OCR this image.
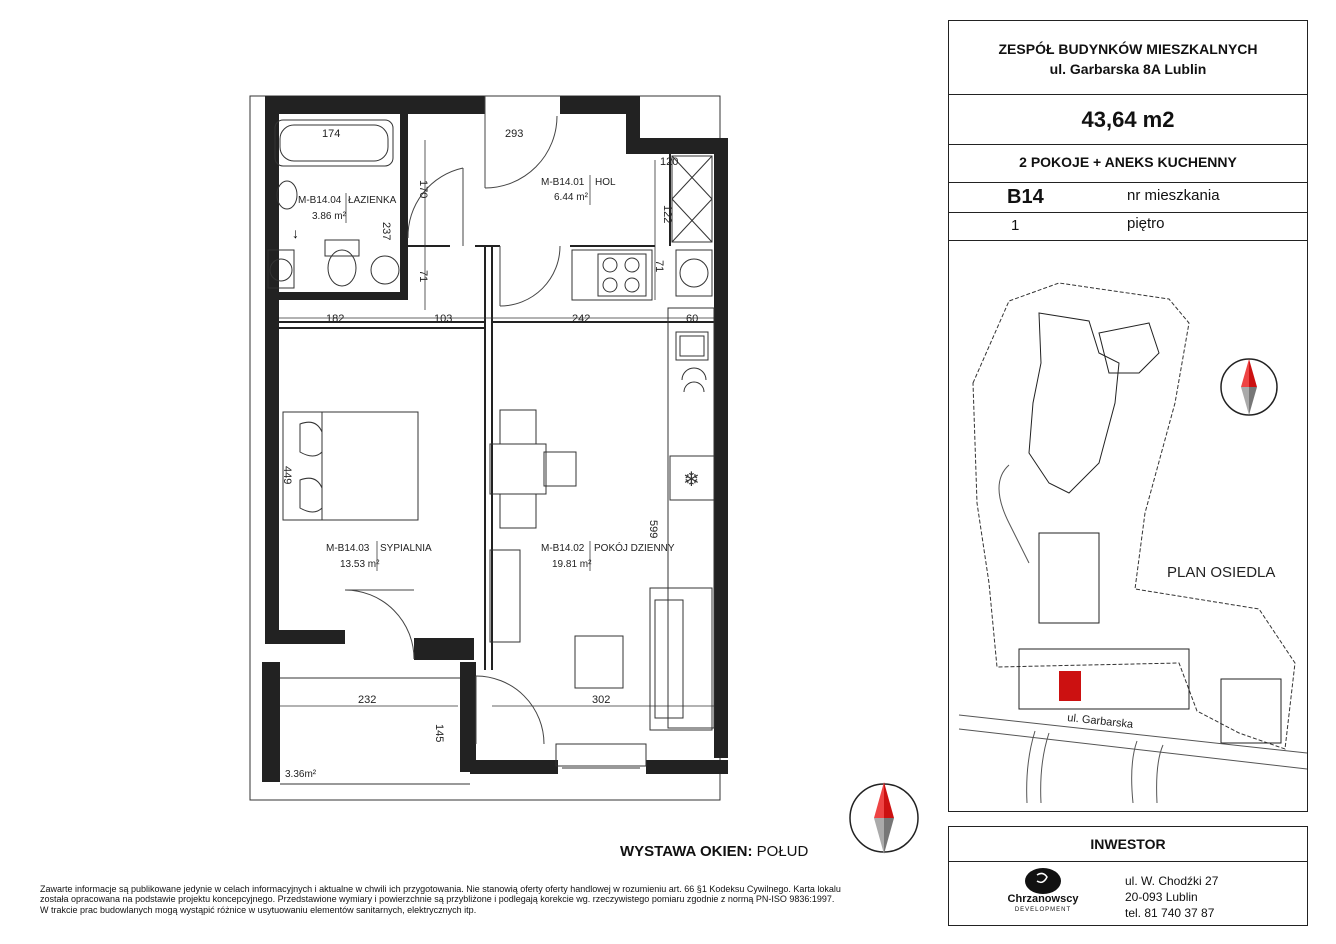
↓
❄
174	293
120
122
170
237
71
71
182	103	242	60
449
599
232
145
302
M-B14.01 HOL
6.44 m²
M-B14.02 POKÓJ DZIENNY
19.81 m²
M-B14.03 SYPIALNIA
13.53 m²
M-B14.04 ŁAZIENKA
3.86 m²
3.36m²
WYSTAWA OKIEN: POŁUD
Zawarte informacje są publikowane jedynie w celach informacyjnych i aktualne w chwili ich przygotowania. Nie stanowią oferty oferty handlowej w rozumieniu art. 66 §1 Kodeksu Cywilnego. Karta lokalu
została opracowana na podstawie projektu koncepcyjnego. Przedstawione wymiary i powierzchnie są przybliżone i podlegają korekcie wg. rzeczywistego pomiaru zgodnie z normą PN-ISO 9836:1997.
W trakcie prac budowlanych mogą wystąpić różnice w usytuowaniu elementów sanitarnych, elektrycznych itp.
ZESPÓŁ BUDYNKÓW MIESZKALNYCH
ul. Garbarska 8A Lublin
43,64 m2
2 POKOJE + ANEKS KUCHENNY
B14	nr mieszkania
1	piętro
PLAN OSIEDLA
ul. Garbarska
INWESTOR
Chrzanowscy
DEVELOPMENT
ul. W. Chodźki 27
20-093 Lublin
tel. 81 740 37 87
